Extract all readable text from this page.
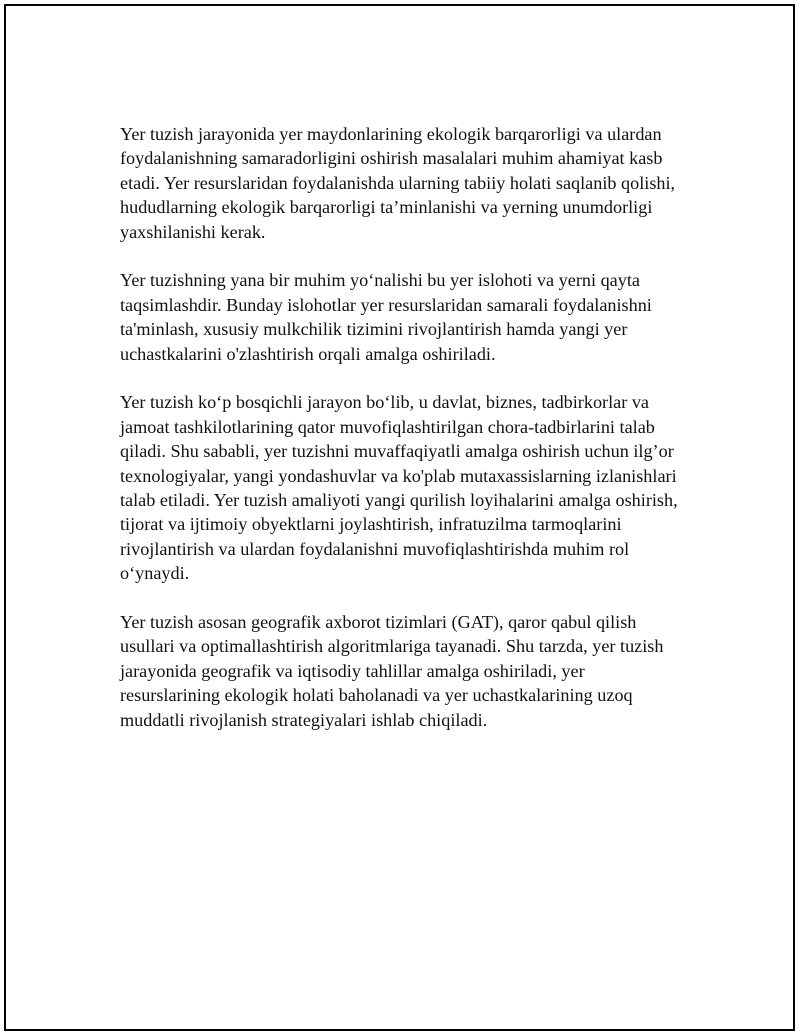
Yer tuzish jarayonida yer maydonlarining ekologik barqarorligi va ulardan
foydalanishning samaradorligini oshirish masalalari muhim ahamiyat kasb
etadi. Yer resurslaridan foydalanishda ularning tabiiy holati saqlanib qolishi,
hududlarning ekologik barqarorligi ta’minlanishi va yerning unumdorligi
yaxshilanishi kerak.

Yer tuzishning yana bir muhim yo‘nalishi bu yer islohoti va yerni qayta
taqsimlashdir. Bunday islohotlar yer resurslaridan samarali foydalanishni
ta'minlash, xususiy mulkchilik tizimini rivojlantirish hamda yangi yer
uchastkalarini o'zlashtirish orqali amalga oshiriladi.

Yer tuzish ko‘p bosqichli jarayon bo‘lib, u davlat, biznes, tadbirkorlar va
jamoat tashkilotlarining qator muvofiqlashtirilgan chora-tadbirlarini talab
qiladi. Shu sababli, yer tuzishni muvaffaqiyatli amalga oshirish uchun ilg’or
texnologiyalar, yangi yondashuvlar va ko'plab mutaxassislarning izlanishlari
talab etiladi. Yer tuzish amaliyoti yangi qurilish loyihalarini amalga oshirish,
tijorat va ijtimoiy obyektlarni joylashtirish, infratuzilma tarmoqlarini
rivojlantirish va ulardan foydalanishni muvofiqlashtirishda muhim rol
o‘ynaydi.

Yer tuzish asosan geografik axborot tizimlari (GAT), qaror qabul qilish
usullari va optimallashtirish algoritmlariga tayanadi. Shu tarzda, yer tuzish
jarayonida geografik va iqtisodiy tahlillar amalga oshiriladi, yer
resurslarining ekologik holati baholanadi va yer uchastkalarining uzoq
muddatli rivojlanish strategiyalari ishlab chiqiladi.
